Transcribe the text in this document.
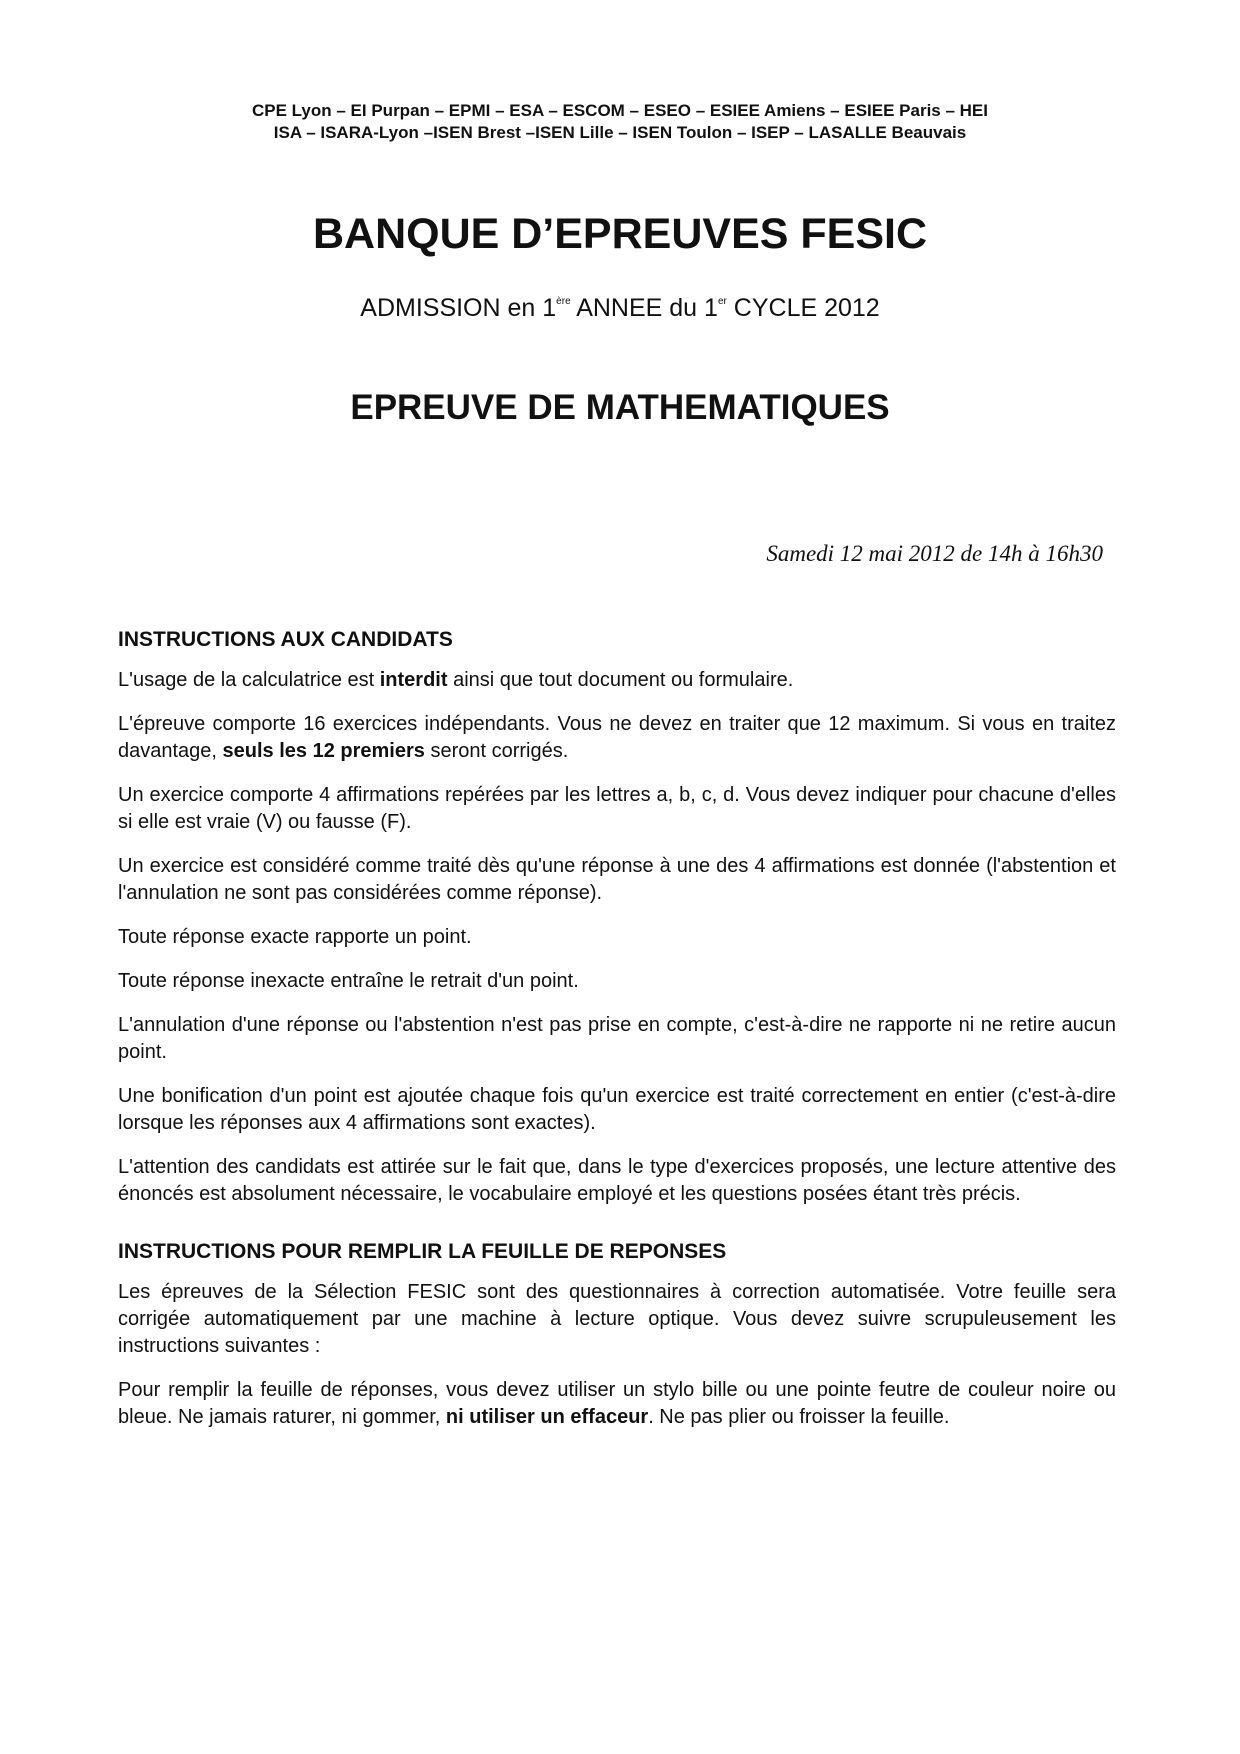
CPE Lyon – EI Purpan – EPMI – ESA – ESCOM – ESEO – ESIEE Amiens – ESIEE Paris – HEI
ISA – ISARA-Lyon –ISEN Brest –ISEN Lille – ISEN Toulon – ISEP – LASALLE Beauvais
BANQUE D’EPREUVES FESIC
ADMISSION en 1ère ANNEE du 1er CYCLE 2012
EPREUVE DE MATHEMATIQUES
Samedi 12 mai 2012 de 14h à 16h30
INSTRUCTIONS AUX CANDIDATS

L'usage de la calculatrice est interdit ainsi que tout document ou formulaire.

L'épreuve comporte 16 exercices indépendants. Vous ne devez en traiter que 12 maximum. Si vous en traitez davantage, seuls les 12 premiers seront corrigés.

Un exercice comporte 4 affirmations repérées par les lettres a, b, c, d. Vous devez indiquer pour chacune d'elles si elle est vraie (V) ou fausse (F).

Un exercice est considéré comme traité dès qu'une réponse à une des 4 affirmations est donnée (l'abstention et l'annulation ne sont pas considérées comme réponse).

Toute réponse exacte rapporte un point.

Toute réponse inexacte entraîne le retrait d'un point.

L'annulation d'une réponse ou l'abstention n'est pas prise en compte, c'est-à-dire ne rapporte ni ne retire aucun point.

Une bonification d'un point est ajoutée chaque fois qu'un exercice est traité correctement en entier (c'est-à-dire lorsque les réponses aux 4 affirmations sont exactes).

L'attention des candidats est attirée sur le fait que, dans le type d'exercices proposés, une lecture attentive des énoncés est absolument nécessaire, le vocabulaire employé et les questions posées étant très précis.

INSTRUCTIONS POUR REMPLIR LA FEUILLE DE REPONSES

Les épreuves de la Sélection FESIC sont des questionnaires à correction automatisée. Votre feuille sera corrigée automatiquement par une machine à lecture optique. Vous devez suivre scrupuleusement les instructions suivantes :

Pour remplir la feuille de réponses, vous devez utiliser un stylo bille ou une pointe feutre de couleur noire ou bleue. Ne jamais raturer, ni gommer, ni utiliser un effaceur. Ne pas plier ou froisser la feuille.
